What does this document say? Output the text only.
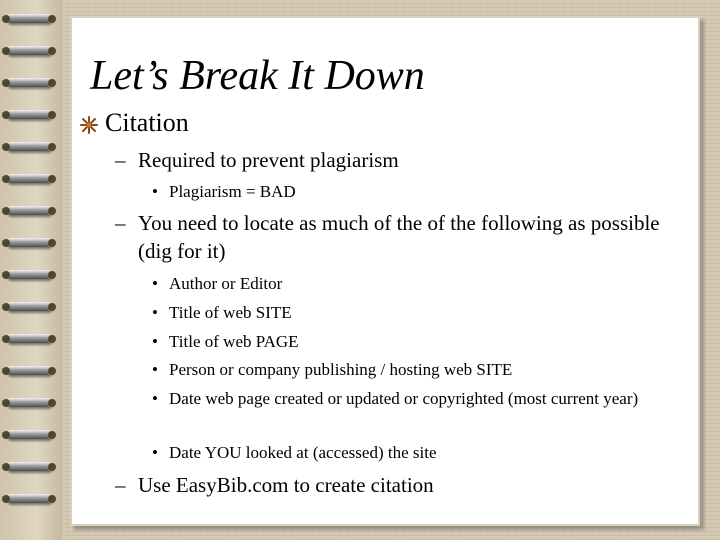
Let’s Break It Down
Citation
– Required to prevent plagiarism
• Plagiarism = BAD
– You need to locate as much of the of the following as possible (dig for it)
• Author or Editor
• Title of web SITE
• Title of web PAGE
• Person or company publishing / hosting web SITE
• Date web page created or updated or copyrighted (most current year)
• Date YOU looked at (accessed) the site
– Use EasyBib.com to create citation
